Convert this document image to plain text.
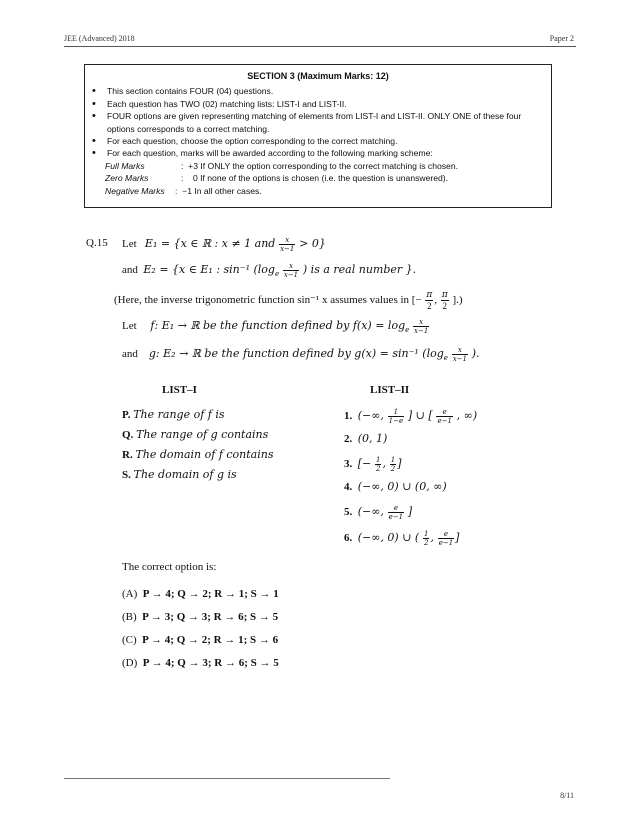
JEE (Advanced) 2018	Paper 2
SECTION 3 (Maximum Marks: 12)
• This section contains FOUR (04) questions.
• Each question has TWO (02) matching lists: LIST-I and LIST-II.
• FOUR options are given representing matching of elements from LIST-I and LIST-II. ONLY ONE of these four options corresponds to a correct matching.
• For each question, choose the option corresponding to the correct matching.
• For each question, marks will be awarded according to the following marking scheme:
Full Marks	: +3 If ONLY the option corresponding to the correct matching is chosen.
Zero Marks	: 0 If none of the options is chosen (i.e. the question is unanswered).
Negative Marks : −1 In all other cases.
Q.15 Let E₁ = {x ∈ ℝ : x ≠ 1 and $\frac{x}{x-1} > 0$}
and E₂ = {x ∈ E₁ : sin⁻¹ ($\log_e \frac{x}{x-1}$ ) is a real number }.
(Here, the inverse trigonometric function sin⁻¹ x assumes values in [− $\frac{\pi}{2}$ , $\frac{\pi}{2}$ ].)
Let f: E₁ → ℝ be the function defined by $f(x) = \log_e \frac{x}{x-1}$
and g: E₂ → ℝ be the function defined by g(x) = sin⁻¹ ($\log_e \frac{x}{x-1}$ ).
LIST–I	LIST–II
P. The range of f is
Q. The range of g contains
R. The domain of f contains
S. The domain of g is
1. (−∞, $\frac{1}{1-e}$ ] ∪ [ $\frac{e}{e-1}$ , ∞)
2. (0, 1)
3. [− $\frac{1}{2}$ , $\frac{1}{2}$ ]
4. (−∞, 0) ∪ (0, ∞)
5. (−∞, $\frac{e}{e-1}$ ]
6. (−∞, 0) ∪ ( $\frac{1}{2}$ , $\frac{e}{e-1}$ ]
The correct option is:
(A) P → 4; Q → 2; R → 1; S → 1
(B) P → 3; Q → 3; R → 6; S → 5
(C) P → 4; Q → 2; R → 1; S → 6
(D) P → 4; Q → 3; R → 6; S → 5
8/11
